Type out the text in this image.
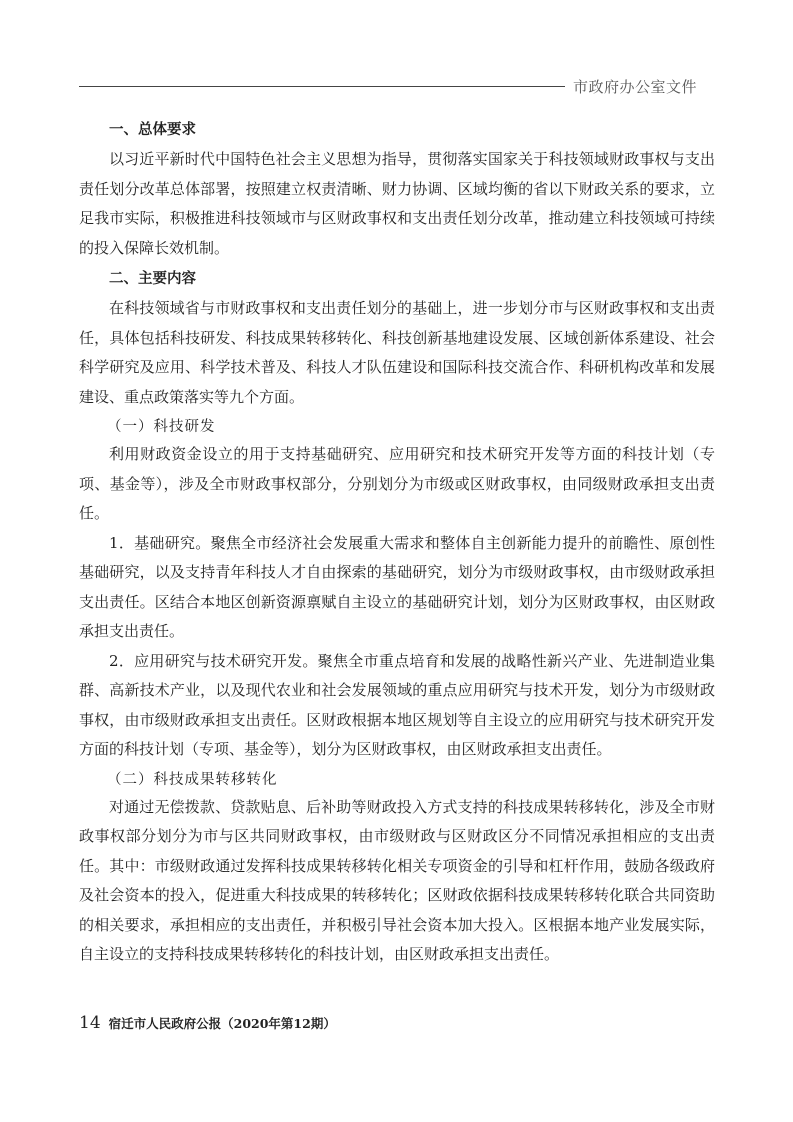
市政府办公室文件
一、总体要求

以习近平新时代中国特色社会主义思想为指导，贯彻落实国家关于科技领域财政事权与支出责任划分改革总体部署，按照建立权责清晰、财力协调、区域均衡的省以下财政关系的要求，立足我市实际，积极推进科技领域市与区财政事权和支出责任划分改革，推动建立科技领域可持续的投入保障长效机制。

二、主要内容

在科技领域省与市财政事权和支出责任划分的基础上，进一步划分市与区财政事权和支出责任，具体包括科技研发、科技成果转移转化、科技创新基地建设发展、区域创新体系建设、社会科学研究及应用、科学技术普及、科技人才队伍建设和国际科技交流合作、科研机构改革和发展建设、重点政策落实等九个方面。

（一）科技研发

利用财政资金设立的用于支持基础研究、应用研究和技术研究开发等方面的科技计划（专项、基金等），涉及全市财政事权部分，分别划分为市级或区财政事权，由同级财政承担支出责任。

1．基础研究。聚焦全市经济社会发展重大需求和整体自主创新能力提升的前瞻性、原创性基础研究，以及支持青年科技人才自由探索的基础研究，划分为市级财政事权，由市级财政承担支出责任。区结合本地区创新资源禀赋自主设立的基础研究计划，划分为区财政事权，由区财政承担支出责任。

2．应用研究与技术研究开发。聚焦全市重点培育和发展的战略性新兴产业、先进制造业集群、高新技术产业，以及现代农业和社会发展领域的重点应用研究与技术开发，划分为市级财政事权，由市级财政承担支出责任。区财政根据本地区规划等自主设立的应用研究与技术研究开发方面的科技计划（专项、基金等），划分为区财政事权，由区财政承担支出责任。

（二）科技成果转移转化

对通过无偿拨款、贷款贴息、后补助等财政投入方式支持的科技成果转移转化，涉及全市财政事权部分划分为市与区共同财政事权，由市级财政与区财政区分不同情况承担相应的支出责任。其中：市级财政通过发挥科技成果转移转化相关专项资金的引导和杠杆作用，鼓励各级政府及社会资本的投入，促进重大科技成果的转移转化；区财政依据科技成果转移转化联合共同资助的相关要求，承担相应的支出责任，并积极引导社会资本加大投入。区根据本地产业发展实际，自主设立的支持科技成果转移转化的科技计划，由区财政承担支出责任。

14 宿迁市人民政府公报（2020年第12期）
